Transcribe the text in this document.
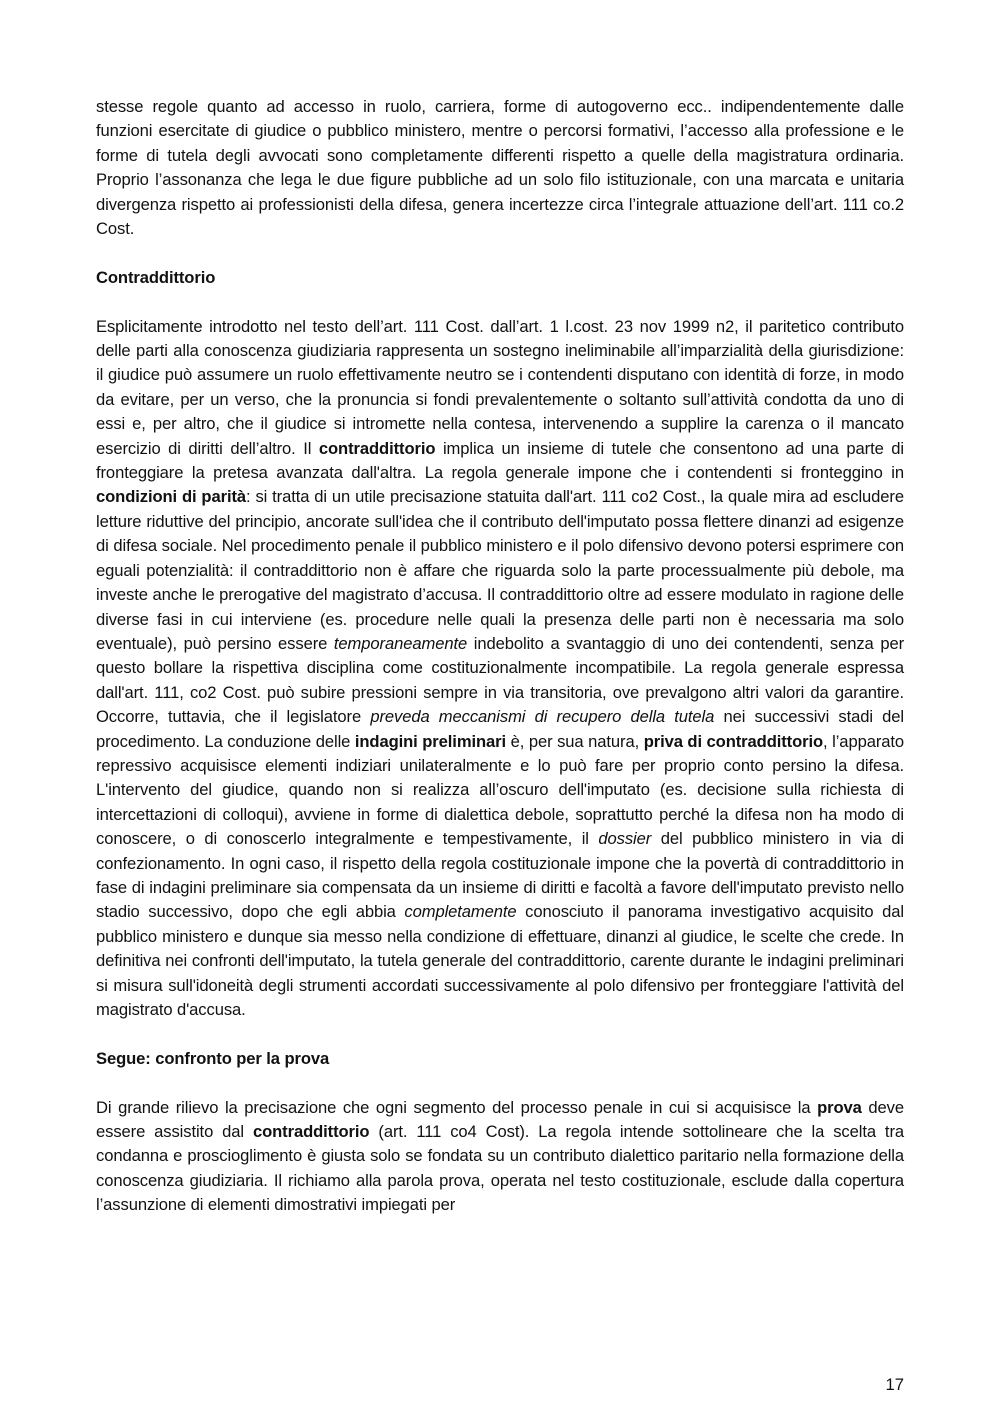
stesse regole quanto ad accesso in ruolo, carriera, forme di autogoverno ecc.. indipendentemente dalle funzioni esercitate di giudice o pubblico ministero, mentre o percorsi formativi, l’accesso alla professione e le forme di tutela degli avvocati sono completamente differenti rispetto a quelle della magistratura ordinaria. Proprio l’assonanza che lega le due figure pubbliche ad un solo filo istituzionale, con una marcata e unitaria divergenza rispetto ai professionisti della difesa, genera incertezze circa l’integrale attuazione dell’art. 111 co.2 Cost.

Contraddittorio

Esplicitamente introdotto nel testo dell’art. 111 Cost. dall’art. 1 l.cost. 23 nov 1999 n2, il paritetico contributo delle parti alla conoscenza giudiziaria rappresenta un sostegno ineliminabile all’imparzialità della giurisdizione: il giudice può assumere un ruolo effettivamente neutro se i contendenti disputano con identità di forze, in modo da evitare, per un verso, che la pronuncia si fondi prevalentemente o soltanto sull’attività condotta da uno di essi e, per altro, che il giudice si intromette nella contesa, intervenendo a supplire la carenza o il mancato esercizio di diritti dell’altro. Il contraddittorio implica un insieme di tutele che consentono ad una parte di fronteggiare la pretesa avanzata dall'altra. La regola generale impone che i contendenti si fronteggino in condizioni di parità: si tratta di un utile precisazione statuita dall'art. 111 co2 Cost., la quale mira ad escludere letture riduttive del principio, ancorate sull'idea che il contributo dell'imputato possa flettere dinanzi ad esigenze di difesa sociale. Nel procedimento penale il pubblico ministero e il polo difensivo devono potersi esprimere con eguali potenzialità: il contraddittorio non è affare che riguarda solo la parte processualmente più debole, ma investe anche le prerogative del magistrato d’accusa. Il contraddittorio oltre ad essere modulato in ragione delle diverse fasi in cui interviene (es. procedure nelle quali la presenza delle parti non è necessaria ma solo eventuale), può persino essere temporaneamente indebolito a svantaggio di uno dei contendenti, senza per questo bollare la rispettiva disciplina come costituzionalmente incompatibile. La regola generale espressa dall'art. 111, co2 Cost. può subire pressioni sempre in via transitoria, ove prevalgono altri valori da garantire. Occorre, tuttavia, che il legislatore preveda meccanismi di recupero della tutela nei successivi stadi del procedimento. La conduzione delle indagini preliminari è, per sua natura, priva di contraddittorio, l’apparato repressivo acquisisce elementi indiziari unilateralmente e lo può fare per proprio conto persino la difesa. L'intervento del giudice, quando non si realizza all’oscuro dell'imputato (es. decisione sulla richiesta di intercettazioni di colloqui), avviene in forme di dialettica debole, soprattutto perché la difesa non ha modo di conoscere, o di conoscerlo integralmente e tempestivamente, il dossier del pubblico ministero in via di confezionamento. In ogni caso, il rispetto della regola costituzionale impone che la povertà di contraddittorio in fase di indagini preliminare sia compensata da un insieme di diritti e facoltà a favore dell'imputato previsto nello stadio successivo, dopo che egli abbia completamente conosciuto il panorama investigativo acquisito dal pubblico ministero e dunque sia messo nella condizione di effettuare, dinanzi al giudice, le scelte che crede. In definitiva nei confronti dell'imputato, la tutela generale del contraddittorio, carente durante le indagini preliminari si misura sull'idoneità degli strumenti accordati successivamente al polo difensivo per fronteggiare l'attività del magistrato d'accusa.

Segue: confronto per la prova

Di grande rilievo la precisazione che ogni segmento del processo penale in cui si acquisisce la prova deve essere assistito dal contraddittorio (art. 111 co4 Cost). La regola intende sottolineare che la scelta tra condanna e proscioglimento è giusta solo se fondata su un contributo dialettico paritario nella formazione della conoscenza giudiziaria. Il richiamo alla parola prova, operata nel testo costituzionale, esclude dalla copertura l’assunzione di elementi dimostrativi impiegati per

17
